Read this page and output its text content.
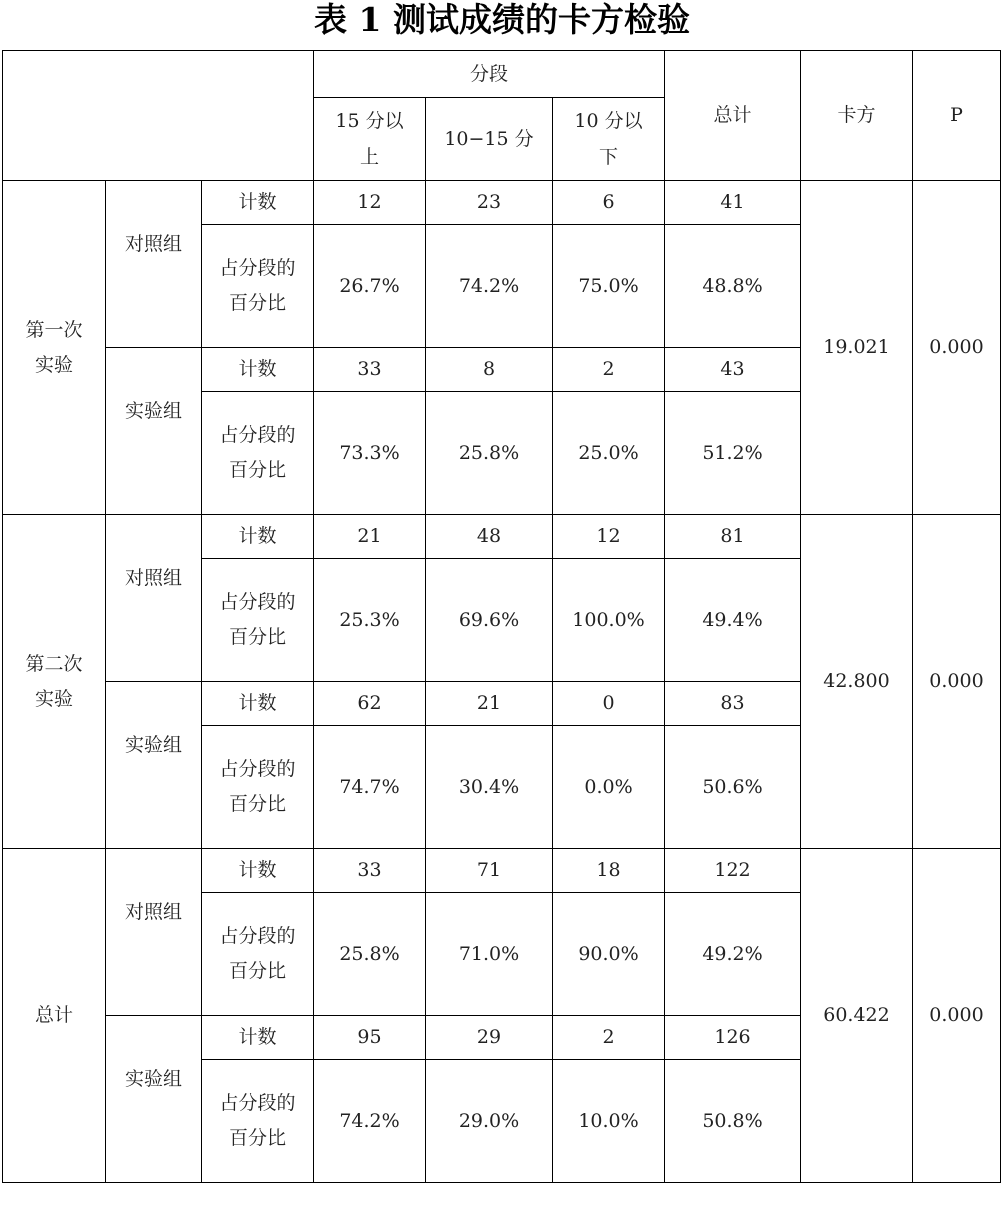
表 1 测试成绩的卡方检验
			分段			总计	卡方	P
			15 分以上	10−15 分	10 分以下			
第一次实验	对照组	计数	12	23	6	41	19.021	0.000
		占分段的百分比	26.7%	74.2%	75.0%	48.8%		
	实验组	计数	33	8	2	43		
		占分段的百分比	73.3%	25.8%	25.0%	51.2%		
第二次实验	对照组	计数	21	48	12	81	42.800	0.000
		占分段的百分比	25.3%	69.6%	100.0%	49.4%		
	实验组	计数	62	21	0	83		
		占分段的百分比	74.7%	30.4%	0.0%	50.6%		
总计	对照组	计数	33	71	18	122	60.422	0.000
		占分段的百分比	25.8%	71.0%	90.0%	49.2%		
	实验组	计数	95	29	2	126		
		占分段的百分比	74.2%	29.0%	10.0%	50.8%		
